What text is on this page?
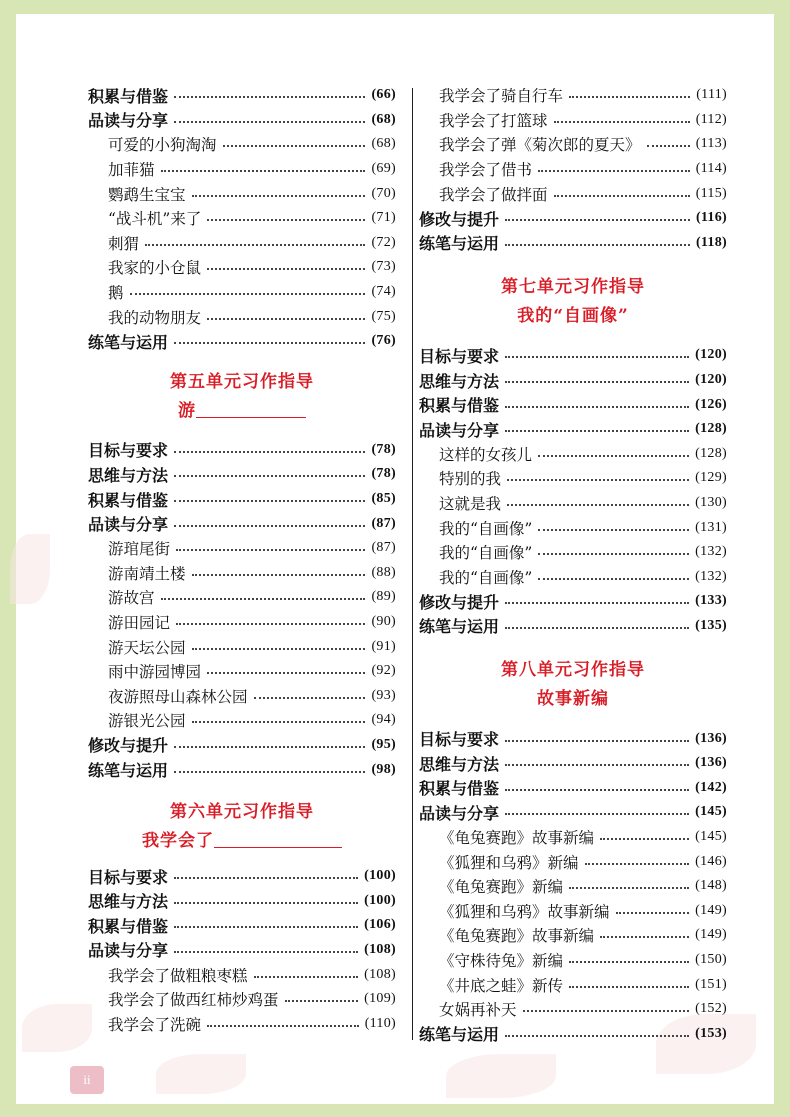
积累与借鉴	(66)
品读与分享	(68)
可爱的小狗淘淘	(68)
加菲猫	(69)
鹦鹉生宝宝	(70)
“战斗机”来了	(71)
刺猬	(72)
我家的小仓鼠	(73)
鹅	(74)
我的动物朋友	(75)
练笔与运用	(76)
第五单元习作指导
游
目标与要求	(78)
思维与方法	(78)
积累与借鉴	(85)
品读与分享	(87)
游琯尾街	(87)
游南靖土楼	(88)
游故宫	(89)
游田园记	(90)
游天坛公园	(91)
雨中游园博园	(92)
夜游照母山森林公园	(93)
游银光公园	(94)
修改与提升	(95)
练笔与运用	(98)
第六单元习作指导
我学会了
目标与要求	(100)
思维与方法	(100)
积累与借鉴	(106)
品读与分享	(108)
我学会了做粗粮枣糕	(108)
我学会了做西红柿炒鸡蛋	(109)
我学会了洗碗	(110)
我学会了骑自行车	(111)
我学会了打篮球	(112)
我学会了弹《菊次郎的夏天》	(113)
我学会了借书	(114)
我学会了做拌面	(115)
修改与提升	(116)
练笔与运用	(118)
第七单元习作指导
我的“自画像”
目标与要求	(120)
思维与方法	(120)
积累与借鉴	(126)
品读与分享	(128)
这样的女孩儿	(128)
特别的我	(129)
这就是我	(130)
我的“自画像”	(131)
我的“自画像”	(132)
我的“自画像”	(132)
修改与提升	(133)
练笔与运用	(135)
第八单元习作指导
故事新编
目标与要求	(136)
思维与方法	(136)
积累与借鉴	(142)
品读与分享	(145)
《龟兔赛跑》故事新编	(145)
《狐狸和乌鸦》新编	(146)
《龟兔赛跑》新编	(148)
《狐狸和乌鸦》故事新编	(149)
《龟兔赛跑》故事新编	(149)
《守株待兔》新编	(150)
《井底之蛙》新传	(151)
女娲再补天	(152)
练笔与运用	(153)
ii
